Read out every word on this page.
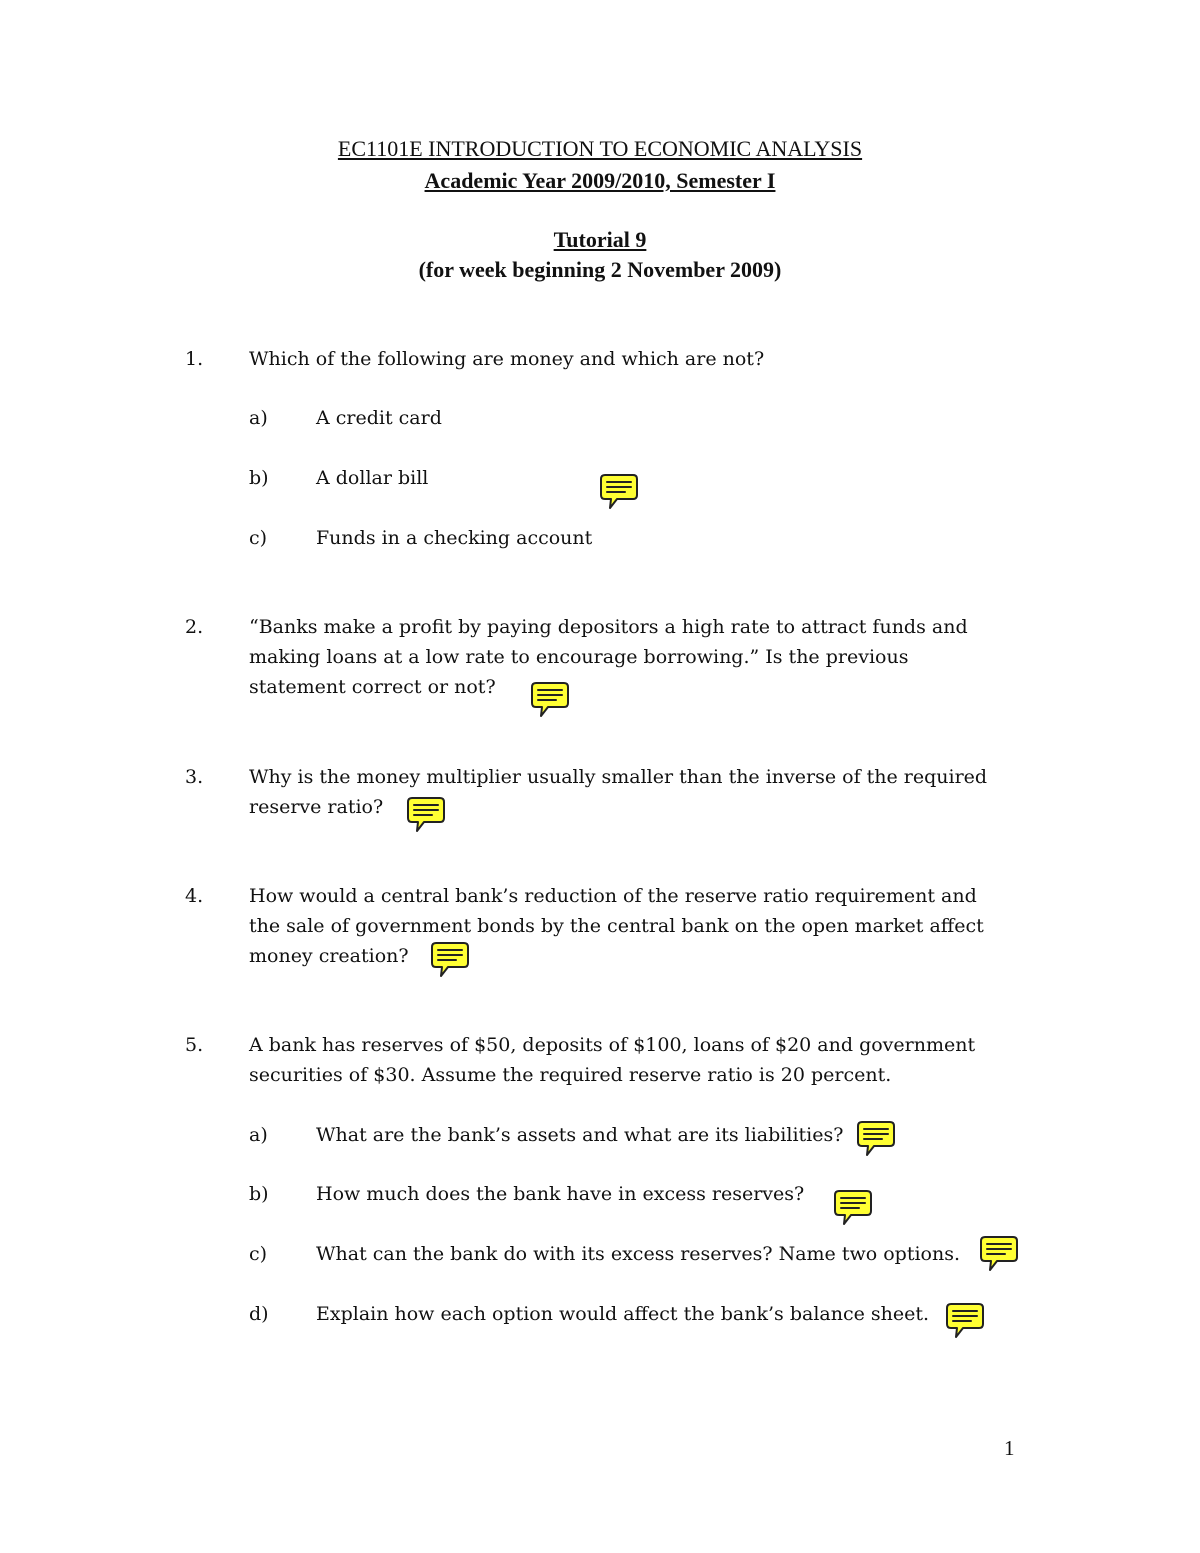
EC1101E INTRODUCTION TO ECONOMIC ANALYSIS
Academic Year 2009/2010, Semester I
Tutorial 9
(for week beginning 2 November 2009)
1. Which of the following are money and which are not?
a)	A credit card
b) A dollar bill
c)	Funds in a checking account
2. “Banks make a profit by paying depositors a high rate to attract funds and
making loans at a low rate to encourage borrowing.” Is the previous
statement correct or not?
3. Why is the money multiplier usually smaller than the inverse of the required
reserve ratio?
4. How would a central bank’s reduction of the reserve ratio requirement and
the sale of government bonds by the central bank on the open market affect
money creation?
5. A bank has reserves of $50, deposits of $100, loans of $20 and government
securities of $30. Assume the required reserve ratio is 20 percent.
a)	What are the bank’s assets and what are its liabilities?
b) How much does the bank have in excess reserves?
c)	What can the bank do with its excess reserves? Name two options.
d) Explain how each option would affect the bank’s balance sheet.
1
